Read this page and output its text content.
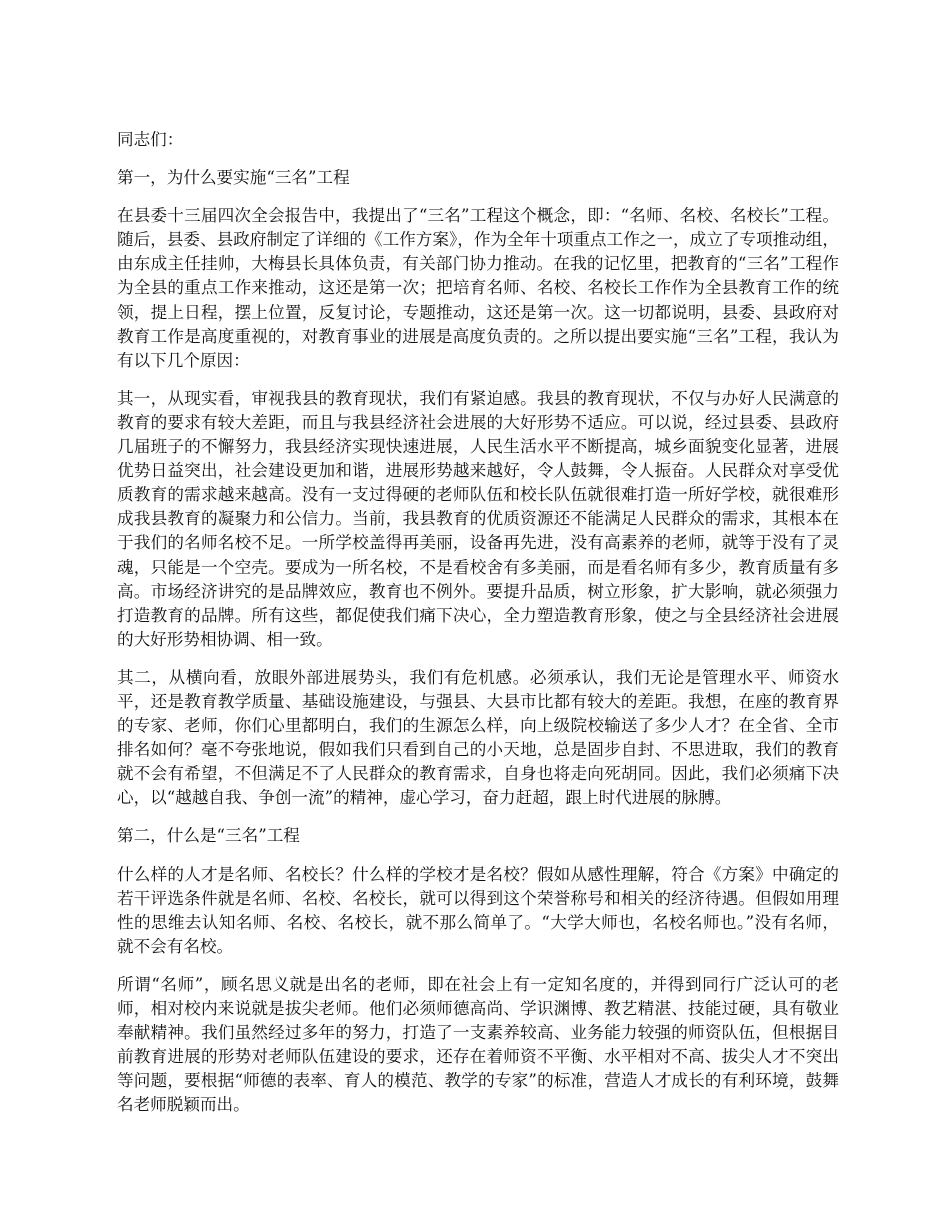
同志们：

第一，为什么要实施“三名”工程

在县委十三届四次全会报告中，我提出了“三名”工程这个概念，即：“名师、名校、名校长”工程。随后，县委、县政府制定了详细的《工作方案》，作为全年十项重点工作之一，成立了专项推动组，由东成主任挂帅，大梅县长具体负责，有关部门协力推动。在我的记忆里，把教育的“三名”工程作为全县的重点工作来推动，这还是第一次；把培育名师、名校、名校长工作作为全县教育工作的统领，提上日程，摆上位置，反复讨论，专题推动，这还是第一次。这一切都说明，县委、县政府对教育工作是高度重视的，对教育事业的进展是高度负责的。之所以提出要实施“三名”工程，我认为有以下几个原因：

其一，从现实看，审视我县的教育现状，我们有紧迫感。我县的教育现状，不仅与办好人民满意的教育的要求有较大差距，而且与我县经济社会进展的大好形势不适应。可以说，经过县委、县政府几届班子的不懈努力，我县经济实现快速进展，人民生活水平不断提高，城乡面貌变化显著，进展优势日益突出，社会建设更加和谐，进展形势越来越好，令人鼓舞，令人振奋。人民群众对享受优质教育的需求越来越高。没有一支过得硬的老师队伍和校长队伍就很难打造一所好学校，就很难形成我县教育的凝聚力和公信力。当前，我县教育的优质资源还不能满足人民群众的需求，其根本在于我们的名师名校不足。一所学校盖得再美丽，设备再先进，没有高素养的老师，就等于没有了灵魂，只能是一个空壳。要成为一所名校，不是看校舍有多美丽，而是看名师有多少，教育质量有多高。市场经济讲究的是品牌效应，教育也不例外。要提升品质，树立形象，扩大影响，就必须强力打造教育的品牌。所有这些，都促使我们痛下决心，全力塑造教育形象，使之与全县经济社会进展的大好形势相协调、相一致。

其二，从横向看，放眼外部进展势头，我们有危机感。必须承认，我们无论是管理水平、师资水平，还是教育教学质量、基础设施建设，与强县、大县市比都有较大的差距。我想，在座的教育界的专家、老师，你们心里都明白，我们的生源怎么样，向上级院校输送了多少人才？在全省、全市排名如何？毫不夸张地说，假如我们只看到自己的小天地，总是固步自封、不思进取，我们的教育就不会有希望，不但满足不了人民群众的教育需求，自身也将走向死胡同。因此，我们必须痛下决心，以“越越自我、争创一流”的精神，虚心学习，奋力赶超，跟上时代进展的脉膊。

第二，什么是“三名”工程

什么样的人才是名师、名校长？什么样的学校才是名校？假如从感性理解，符合《方案》中确定的若干评选条件就是名师、名校、名校长，就可以得到这个荣誉称号和相关的经济待遇。但假如用理性的思维去认知名师、名校、名校长，就不那么简单了。“大学大师也，名校名师也。”没有名师，就不会有名校。

所谓“名师”，顾名思义就是出名的老师，即在社会上有一定知名度的，并得到同行广泛认可的老师，相对校内来说就是拔尖老师。他们必须师德高尚、学识渊博、教艺精湛、技能过硬，具有敬业奉献精神。我们虽然经过多年的努力，打造了一支素养较高、业务能力较强的师资队伍，但根据目前教育进展的形势对老师队伍建设的要求，还存在着师资不平衡、水平相对不高、拔尖人才不突出等问题，要根据“师德的表率、育人的模范、教学的专家”的标准，营造人才成长的有利环境，鼓舞名老师脱颖而出。
